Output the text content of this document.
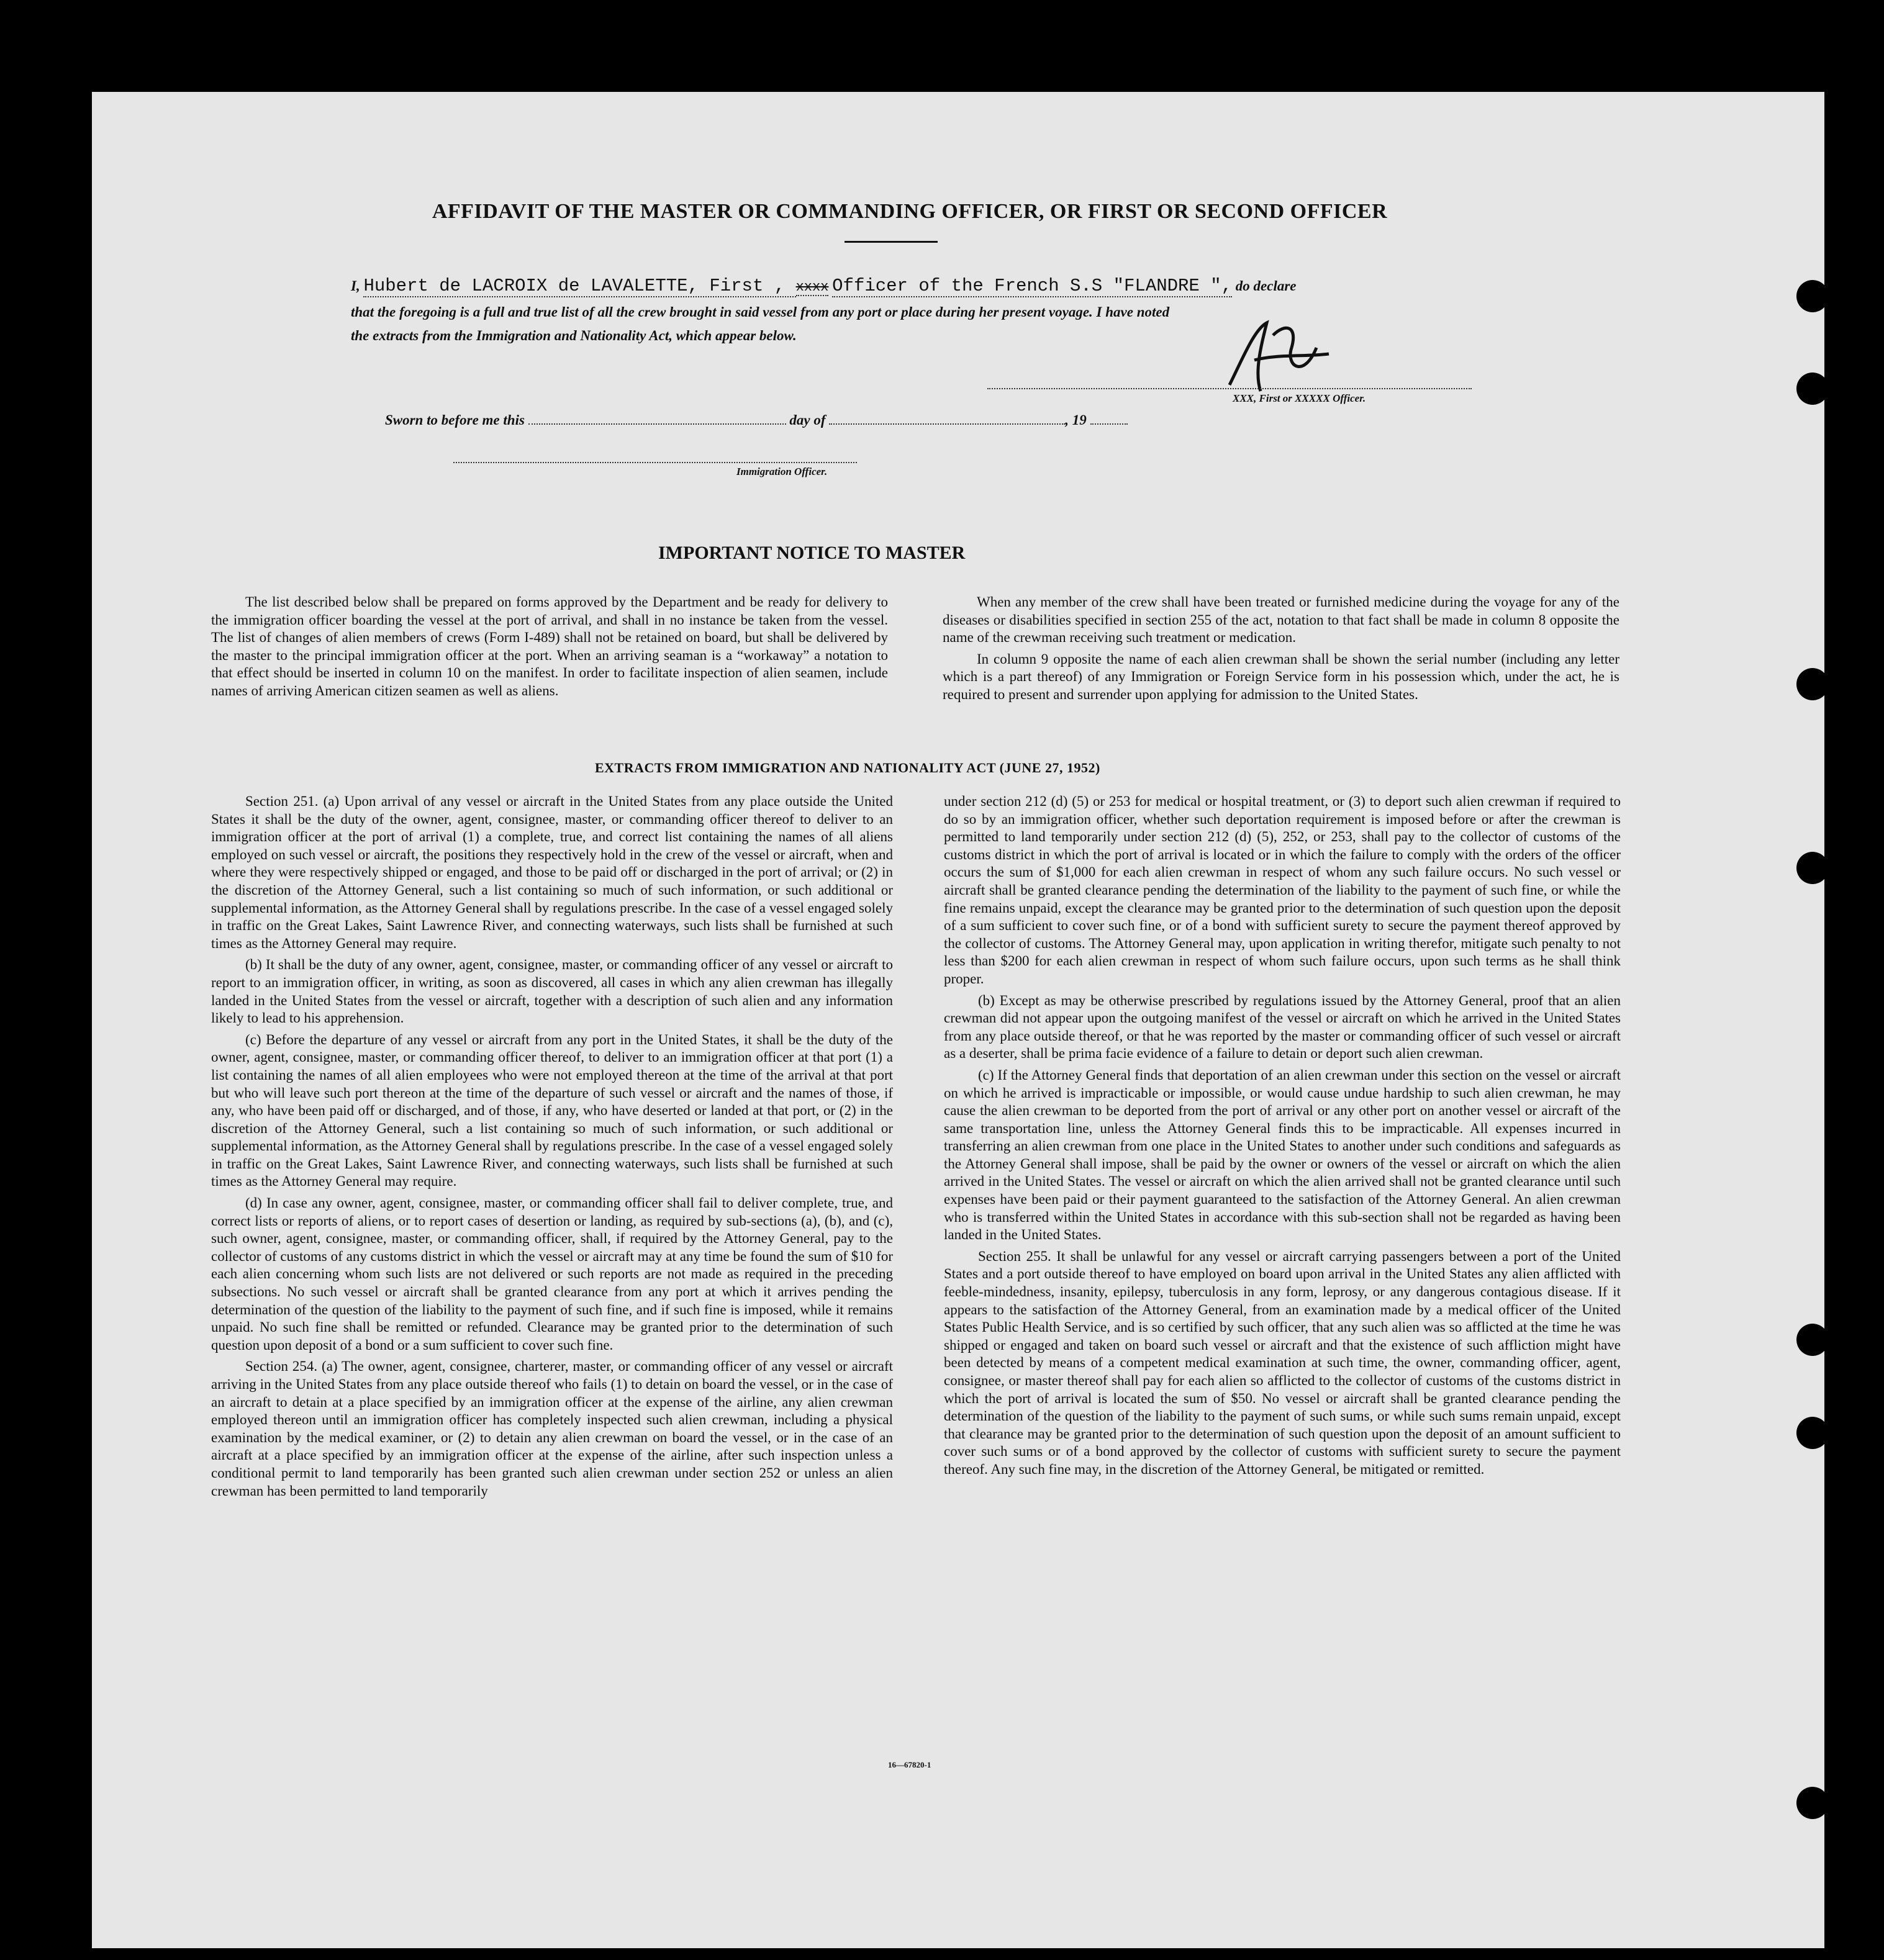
AFFIDAVIT OF THE MASTER OR COMMANDING OFFICER, OR FIRST OR SECOND OFFICER
I, Hubert de LACROIX de LAVALETTE, First , xxxx Officer of the French S.S "FLANDRE ", do declare
that the foregoing is a full and true list of all the crew brought in said vessel from any port or place during her present voyage. I have noted
the extracts from the Immigration and Nationality Act, which appear below.
XXX, First or XXXXX Officer.
Sworn to before me this	day of	, 19
Immigration Officer.
IMPORTANT NOTICE TO MASTER

The list described below shall be prepared on forms approved by the Department and be ready for delivery to the immigration officer boarding the vessel at the port of arrival, and shall in no instance be taken from the vessel. The list of changes of alien members of crews (Form I-489) shall not be retained on board, but shall be delivered by the master to the principal immigration officer at the port. When an arriving seaman is a “workaway” a notation to that effect should be inserted in column 10 on the manifest. In order to facilitate inspection of alien seamen, include names of arriving American citizen seamen as well as aliens.

When any member of the crew shall have been treated or furnished medicine during the voyage for any of the diseases or disabilities specified in section 255 of the act, notation to that fact shall be made in column 8 opposite the name of the crewman receiving such treatment or medication.

In column 9 opposite the name of each alien crewman shall be shown the serial number (including any letter which is a part thereof) of any Immigration or Foreign Service form in his possession which, under the act, he is required to present and surrender upon applying for admission to the United States.

EXTRACTS FROM IMMIGRATION AND NATIONALITY ACT (JUNE 27, 1952)

Section 251. (a) Upon arrival of any vessel or aircraft in the United States from any place outside the United States it shall be the duty of the owner, agent, consignee, master, or commanding officer thereof to deliver to an immigration officer at the port of arrival (1) a complete, true, and correct list containing the names of all aliens employed on such vessel or aircraft, the positions they respectively hold in the crew of the vessel or aircraft, when and where they were respectively shipped or engaged, and those to be paid off or discharged in the port of arrival; or (2) in the discretion of the Attorney General, such a list containing so much of such information, or such additional or supplemental information, as the Attorney General shall by regulations prescribe. In the case of a vessel engaged solely in traffic on the Great Lakes, Saint Lawrence River, and connecting waterways, such lists shall be furnished at such times as the Attorney General may require.

(b) It shall be the duty of any owner, agent, consignee, master, or commanding officer of any vessel or aircraft to report to an immigration officer, in writing, as soon as discovered, all cases in which any alien crewman has illegally landed in the United States from the vessel or aircraft, together with a description of such alien and any information likely to lead to his apprehension.

(c) Before the departure of any vessel or aircraft from any port in the United States, it shall be the duty of the owner, agent, consignee, master, or commanding officer thereof, to deliver to an immigration officer at that port (1) a list containing the names of all alien employees who were not employed thereon at the time of the arrival at that port but who will leave such port thereon at the time of the departure of such vessel or aircraft and the names of those, if any, who have been paid off or discharged, and of those, if any, who have deserted or landed at that port, or (2) in the discretion of the Attorney General, such a list containing so much of such information, or such additional or supplemental information, as the Attorney General shall by regulations prescribe. In the case of a vessel engaged solely in traffic on the Great Lakes, Saint Lawrence River, and connecting waterways, such lists shall be furnished at such times as the Attorney General may require.

(d) In case any owner, agent, consignee, master, or commanding officer shall fail to deliver complete, true, and correct lists or reports of aliens, or to report cases of desertion or landing, as required by sub-sections (a), (b), and (c), such owner, agent, consignee, master, or commanding officer, shall, if required by the Attorney General, pay to the collector of customs of any customs district in which the vessel or aircraft may at any time be found the sum of $10 for each alien concerning whom such lists are not delivered or such reports are not made as required in the preceding subsections. No such vessel or aircraft shall be granted clearance from any port at which it arrives pending the determination of the question of the liability to the payment of such fine, and if such fine is imposed, while it remains unpaid. No such fine shall be remitted or refunded. Clearance may be granted prior to the determination of such question upon deposit of a bond or a sum sufficient to cover such fine.

Section 254. (a) The owner, agent, consignee, charterer, master, or commanding officer of any vessel or aircraft arriving in the United States from any place outside thereof who fails (1) to detain on board the vessel, or in the case of an aircraft to detain at a place specified by an immigration officer at the expense of the airline, any alien crewman employed thereon until an immigration officer has completely inspected such alien crewman, including a physical examination by the medical examiner, or (2) to detain any alien crewman on board the vessel, or in the case of an aircraft at a place specified by an immigration officer at the expense of the airline, after such inspection unless a conditional permit to land temporarily has been granted such alien crewman under section 252 or unless an alien crewman has been permitted to land temporarily

under section 212 (d) (5) or 253 for medical or hospital treatment, or (3) to deport such alien crewman if required to do so by an immigration officer, whether such deportation requirement is imposed before or after the crewman is permitted to land temporarily under section 212 (d) (5), 252, or 253, shall pay to the collector of customs of the customs district in which the port of arrival is located or in which the failure to comply with the orders of the officer occurs the sum of $1,000 for each alien crewman in respect of whom any such failure occurs. No such vessel or aircraft shall be granted clearance pending the determination of the liability to the payment of such fine, or while the fine remains unpaid, except the clearance may be granted prior to the determination of such question upon the deposit of a sum sufficient to cover such fine, or of a bond with sufficient surety to secure the payment thereof approved by the collector of customs. The Attorney General may, upon application in writing therefor, mitigate such penalty to not less than $200 for each alien crewman in respect of whom such failure occurs, upon such terms as he shall think proper.

(b) Except as may be otherwise prescribed by regulations issued by the Attorney General, proof that an alien crewman did not appear upon the outgoing manifest of the vessel or aircraft on which he arrived in the United States from any place outside thereof, or that he was reported by the master or commanding officer of such vessel or aircraft as a deserter, shall be prima facie evidence of a failure to detain or deport such alien crewman.

(c) If the Attorney General finds that deportation of an alien crewman under this section on the vessel or aircraft on which he arrived is impracticable or impossible, or would cause undue hardship to such alien crewman, he may cause the alien crewman to be deported from the port of arrival or any other port on another vessel or aircraft of the same transportation line, unless the Attorney General finds this to be impracticable. All expenses incurred in transferring an alien crewman from one place in the United States to another under such conditions and safeguards as the Attorney General shall impose, shall be paid by the owner or owners of the vessel or aircraft on which the alien arrived in the United States. The vessel or aircraft on which the alien arrived shall not be granted clearance until such expenses have been paid or their payment guaranteed to the satisfaction of the Attorney General. An alien crewman who is transferred within the United States in accordance with this sub-section shall not be regarded as having been landed in the United States.

Section 255. It shall be unlawful for any vessel or aircraft carrying passengers between a port of the United States and a port outside thereof to have employed on board upon arrival in the United States any alien afflicted with feeble-mindedness, insanity, epilepsy, tuberculosis in any form, leprosy, or any dangerous contagious disease. If it appears to the satisfaction of the Attorney General, from an examination made by a medical officer of the United States Public Health Service, and is so certified by such officer, that any such alien was so afflicted at the time he was shipped or engaged and taken on board such vessel or aircraft and that the existence of such affliction might have been detected by means of a competent medical examination at such time, the owner, commanding officer, agent, consignee, or master thereof shall pay for each alien so afflicted to the collector of customs of the customs district in which the port of arrival is located the sum of $50. No vessel or aircraft shall be granted clearance pending the determination of the question of the liability to the payment of such sums, or while such sums remain unpaid, except that clearance may be granted prior to the determination of such question upon the deposit of an amount sufficient to cover such sums or of a bond approved by the collector of customs with sufficient surety to secure the payment thereof. Any such fine may, in the discretion of the Attorney General, be mitigated or remitted.

16—67820-1
